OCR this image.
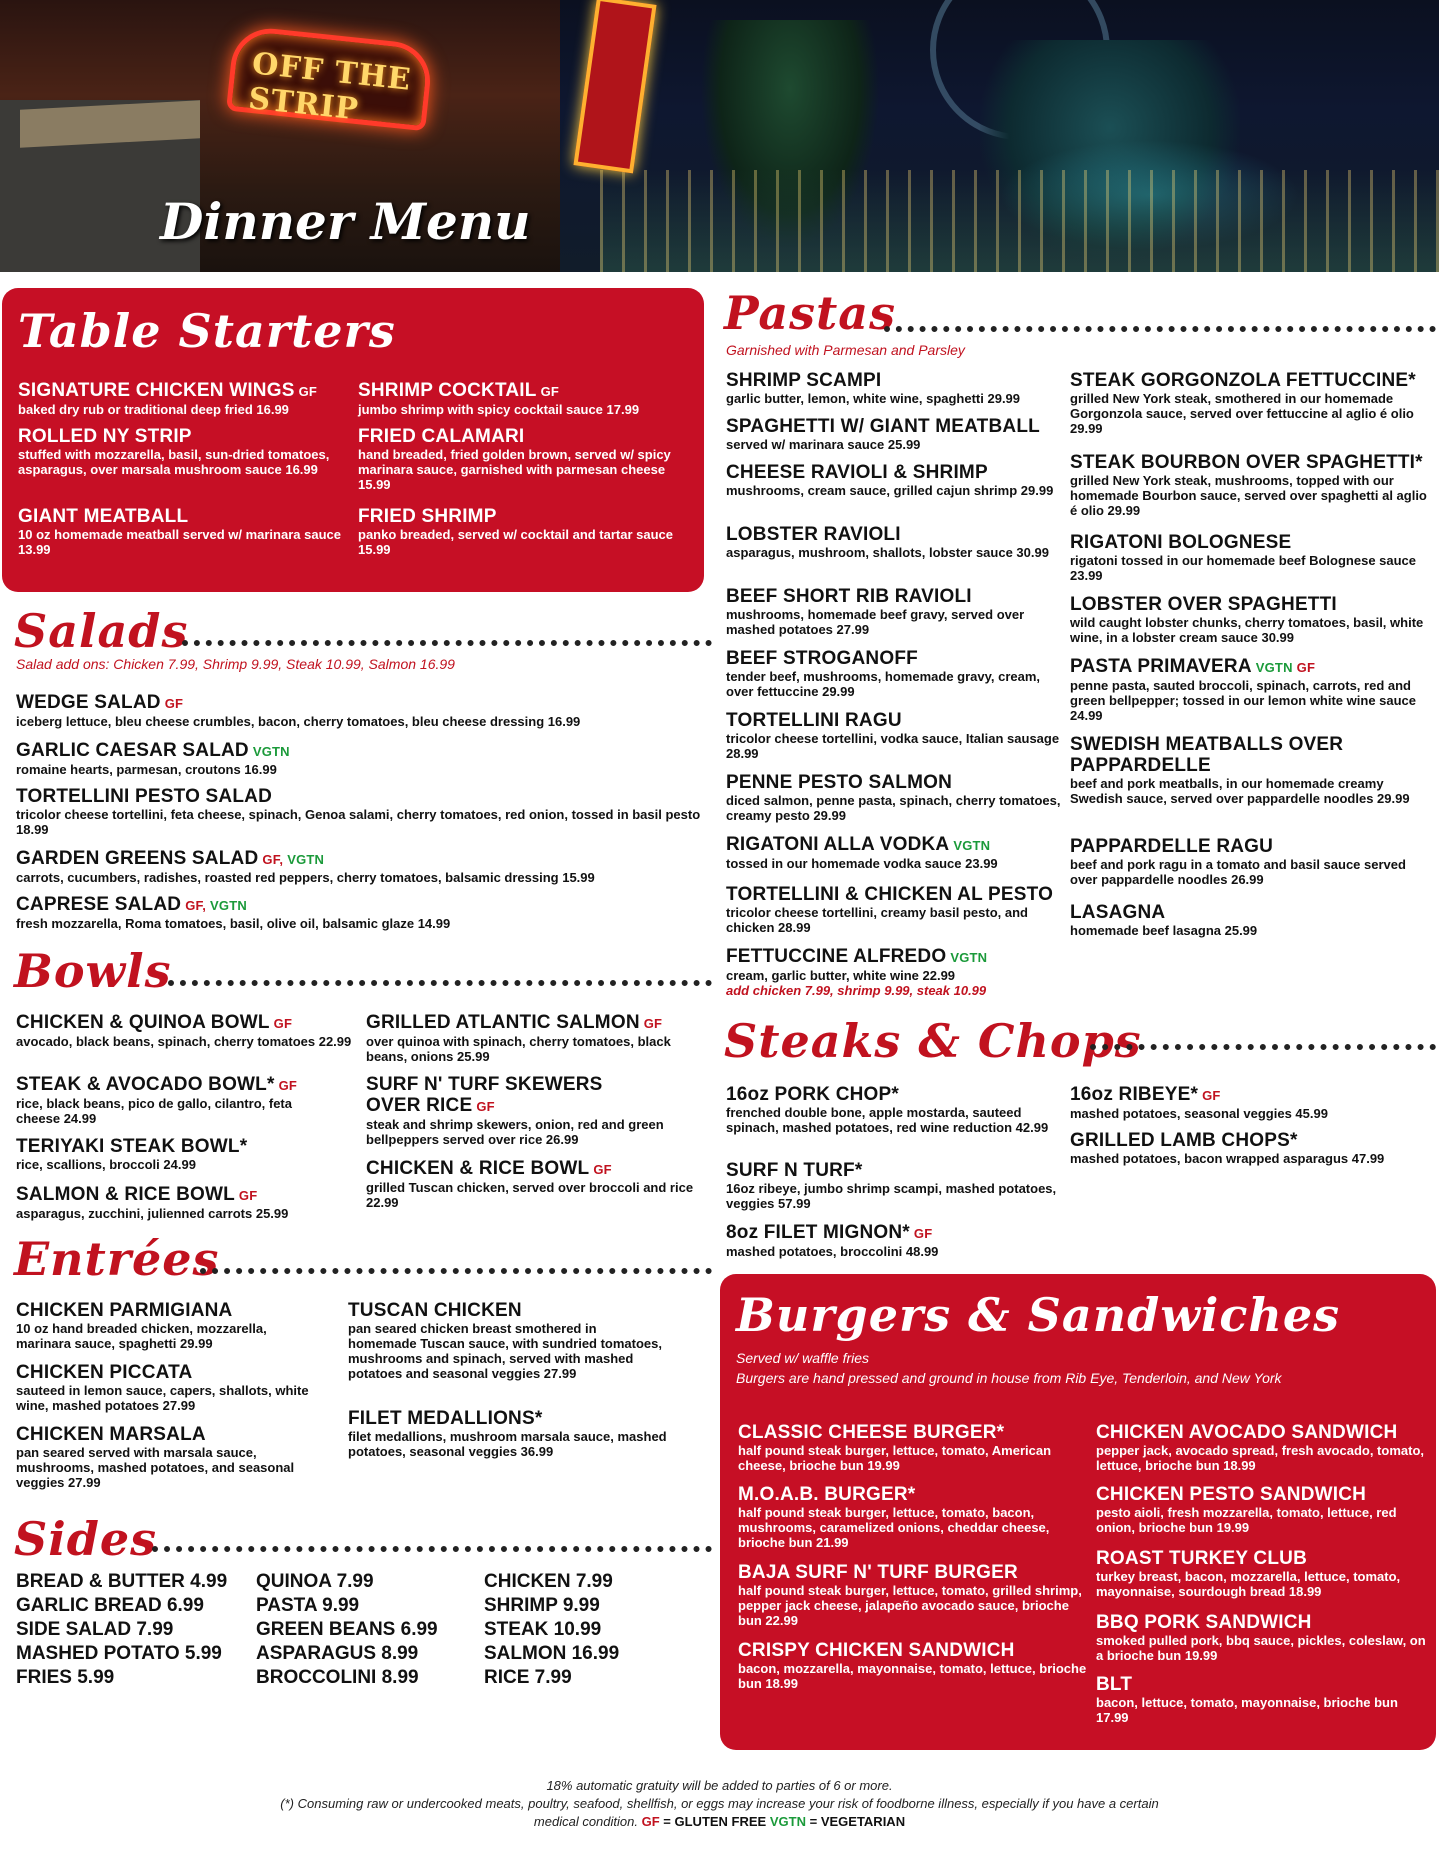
OFF THE STRIP
Dinner Menu
Table Starters
SIGNATURE CHICKEN WINGS GF
baked dry rub or traditional deep fried 16.99
ROLLED NY STRIP
stuffed with mozzarella, basil, sun-dried tomatoes, asparagus, over marsala mushroom sauce 16.99
GIANT MEATBALL
10 oz homemade meatball served w/ marinara sauce 13.99
SHRIMP COCKTAIL GF
jumbo shrimp with spicy cocktail sauce 17.99
FRIED CALAMARI
hand breaded, fried golden brown, served w/ spicy marinara sauce, garnished with parmesan cheese 15.99
FRIED SHRIMP
panko breaded, served w/ cocktail and tartar sauce 15.99
Salads
Salad add ons: Chicken 7.99, Shrimp 9.99, Steak 10.99, Salmon 16.99
WEDGE SALAD GF
iceberg lettuce, bleu cheese crumbles, bacon, cherry tomatoes, bleu cheese dressing 16.99
GARLIC CAESAR SALAD VGTN
romaine hearts, parmesan, croutons 16.99
TORTELLINI PESTO SALAD
tricolor cheese tortellini, feta cheese, spinach, Genoa salami, cherry tomatoes, red onion, tossed in basil pesto 18.99
GARDEN GREENS SALAD GF, VGTN
carrots, cucumbers, radishes, roasted red peppers, cherry tomatoes, balsamic dressing 15.99
CAPRESE SALAD GF, VGTN
fresh mozzarella, Roma tomatoes, basil, olive oil, balsamic glaze 14.99
Bowls
CHICKEN & QUINOA BOWL GF
avocado, black beans, spinach, cherry tomatoes 22.99
STEAK & AVOCADO BOWL* GF
rice, black beans, pico de gallo, cilantro, feta cheese 24.99
TERIYAKI STEAK BOWL*
rice, scallions, broccoli 24.99
SALMON & RICE BOWL GF
asparagus, zucchini, julienned carrots 25.99
GRILLED ATLANTIC SALMON GF
over quinoa with spinach, cherry tomatoes, black beans, onions 25.99
SURF N' TURF SKEWERS
OVER RICE GF
steak and shrimp skewers, onion, red and green bellpeppers served over rice 26.99
CHICKEN & RICE BOWL GF
grilled Tuscan chicken, served over broccoli and rice 22.99
Entrées
CHICKEN PARMIGIANA
10 oz hand breaded chicken, mozzarella, marinara sauce, spaghetti 29.99
CHICKEN PICCATA
sauteed in lemon sauce, capers, shallots, white wine, mashed potatoes 27.99
CHICKEN MARSALA
pan seared served with marsala sauce, mushrooms, mashed potatoes, and seasonal veggies 27.99
TUSCAN CHICKEN
pan seared chicken breast smothered in homemade Tuscan sauce, with sundried tomatoes, mushrooms and spinach, served with mashed potatoes and seasonal veggies 27.99
FILET MEDALLIONS*
filet medallions, mushroom marsala sauce, mashed potatoes, seasonal veggies 36.99
Sides
BREAD & BUTTER 4.99
GARLIC BREAD 6.99
SIDE SALAD 7.99
MASHED POTATO 5.99
FRIES 5.99
QUINOA 7.99
PASTA 9.99
GREEN BEANS 6.99
ASPARAGUS 8.99
BROCCOLINI 8.99
CHICKEN 7.99
SHRIMP 9.99
STEAK 10.99
SALMON 16.99
RICE 7.99
Pastas
Garnished with Parmesan and Parsley
SHRIMP SCAMPI
garlic butter, lemon, white wine, spaghetti 29.99
SPAGHETTI W/ GIANT MEATBALL
served w/ marinara sauce 25.99
CHEESE RAVIOLI & SHRIMP
mushrooms, cream sauce, grilled cajun shrimp 29.99
LOBSTER RAVIOLI
asparagus, mushroom, shallots, lobster sauce 30.99
BEEF SHORT RIB RAVIOLI
mushrooms, homemade beef gravy, served over mashed potatoes 27.99
BEEF STROGANOFF
tender beef, mushrooms, homemade gravy, cream, over fettuccine 29.99
TORTELLINI RAGU
tricolor cheese tortellini, vodka sauce, Italian sausage 28.99
PENNE PESTO SALMON
diced salmon, penne pasta, spinach, cherry tomatoes, creamy pesto 29.99
RIGATONI ALLA VODKA VGTN
tossed in our homemade vodka sauce 23.99
TORTELLINI & CHICKEN AL PESTO
tricolor cheese tortellini, creamy basil pesto, and chicken 28.99
FETTUCCINE ALFREDO VGTN
cream, garlic butter, white wine 22.99
add chicken 7.99, shrimp 9.99, steak 10.99
STEAK GORGONZOLA FETTUCCINE*
grilled New York steak, smothered in our homemade Gorgonzola sauce, served over fettuccine al aglio é olio 29.99
STEAK BOURBON OVER SPAGHETTI*
grilled New York steak, mushrooms, topped with our homemade Bourbon sauce, served over spaghetti al aglio é olio 29.99
RIGATONI BOLOGNESE
rigatoni tossed in our homemade beef Bolognese sauce 23.99
LOBSTER OVER SPAGHETTI
wild caught lobster chunks, cherry tomatoes, basil, white wine, in a lobster cream sauce 30.99
PASTA PRIMAVERA VGTN GF
penne pasta, sauted broccoli, spinach, carrots, red and green bellpepper; tossed in our lemon white wine sauce 24.99
SWEDISH MEATBALLS OVER
PAPPARDELLE
beef and pork meatballs, in our homemade creamy Swedish sauce, served over pappardelle noodles 29.99
PAPPARDELLE RAGU
beef and pork ragu in a tomato and basil sauce served over pappardelle noodles 26.99
LASAGNA
homemade beef lasagna 25.99
Steaks & Chops
16oz PORK CHOP*
frenched double bone, apple mostarda, sauteed spinach, mashed potatoes, red wine reduction 42.99
SURF N TURF*
16oz ribeye, jumbo shrimp scampi, mashed potatoes, veggies 57.99
8oz FILET MIGNON* GF
mashed potatoes, broccolini 48.99
16oz RIBEYE* GF
mashed potatoes, seasonal veggies 45.99
GRILLED LAMB CHOPS*
mashed potatoes, bacon wrapped asparagus 47.99
Burgers & Sandwiches
Served w/ waffle fries
Burgers are hand pressed and ground in house from Rib Eye, Tenderloin, and New York
CLASSIC CHEESE BURGER*
half pound steak burger, lettuce, tomato, American cheese, brioche bun 19.99
M.O.A.B. BURGER*
half pound steak burger, lettuce, tomato, bacon, mushrooms, caramelized onions, cheddar cheese, brioche bun 21.99
BAJA SURF N' TURF BURGER
half pound steak burger, lettuce, tomato, grilled shrimp, pepper jack cheese, jalapeño avocado sauce, brioche bun 22.99
CRISPY CHICKEN SANDWICH
bacon, mozzarella, mayonnaise, tomato, lettuce, brioche bun 18.99
CHICKEN AVOCADO SANDWICH
pepper jack, avocado spread, fresh avocado, tomato, lettuce, brioche bun 18.99
CHICKEN PESTO SANDWICH
pesto aioli, fresh mozzarella, tomato, lettuce, red onion, brioche bun 19.99
ROAST TURKEY CLUB
turkey breast, bacon, mozzarella, lettuce, tomato, mayonnaise, sourdough bread 18.99
BBQ PORK SANDWICH
smoked pulled pork, bbq sauce, pickles, coleslaw, on a brioche bun 19.99
BLT
bacon, lettuce, tomato, mayonnaise, brioche bun 17.99
18% automatic gratuity will be added to parties of 6 or more.
(*) Consuming raw or undercooked meats, poultry, seafood, shellfish, or eggs may increase your risk of foodborne illness, especially if you have a certain
medical condition. GF = GLUTEN FREE VGTN = VEGETARIAN
